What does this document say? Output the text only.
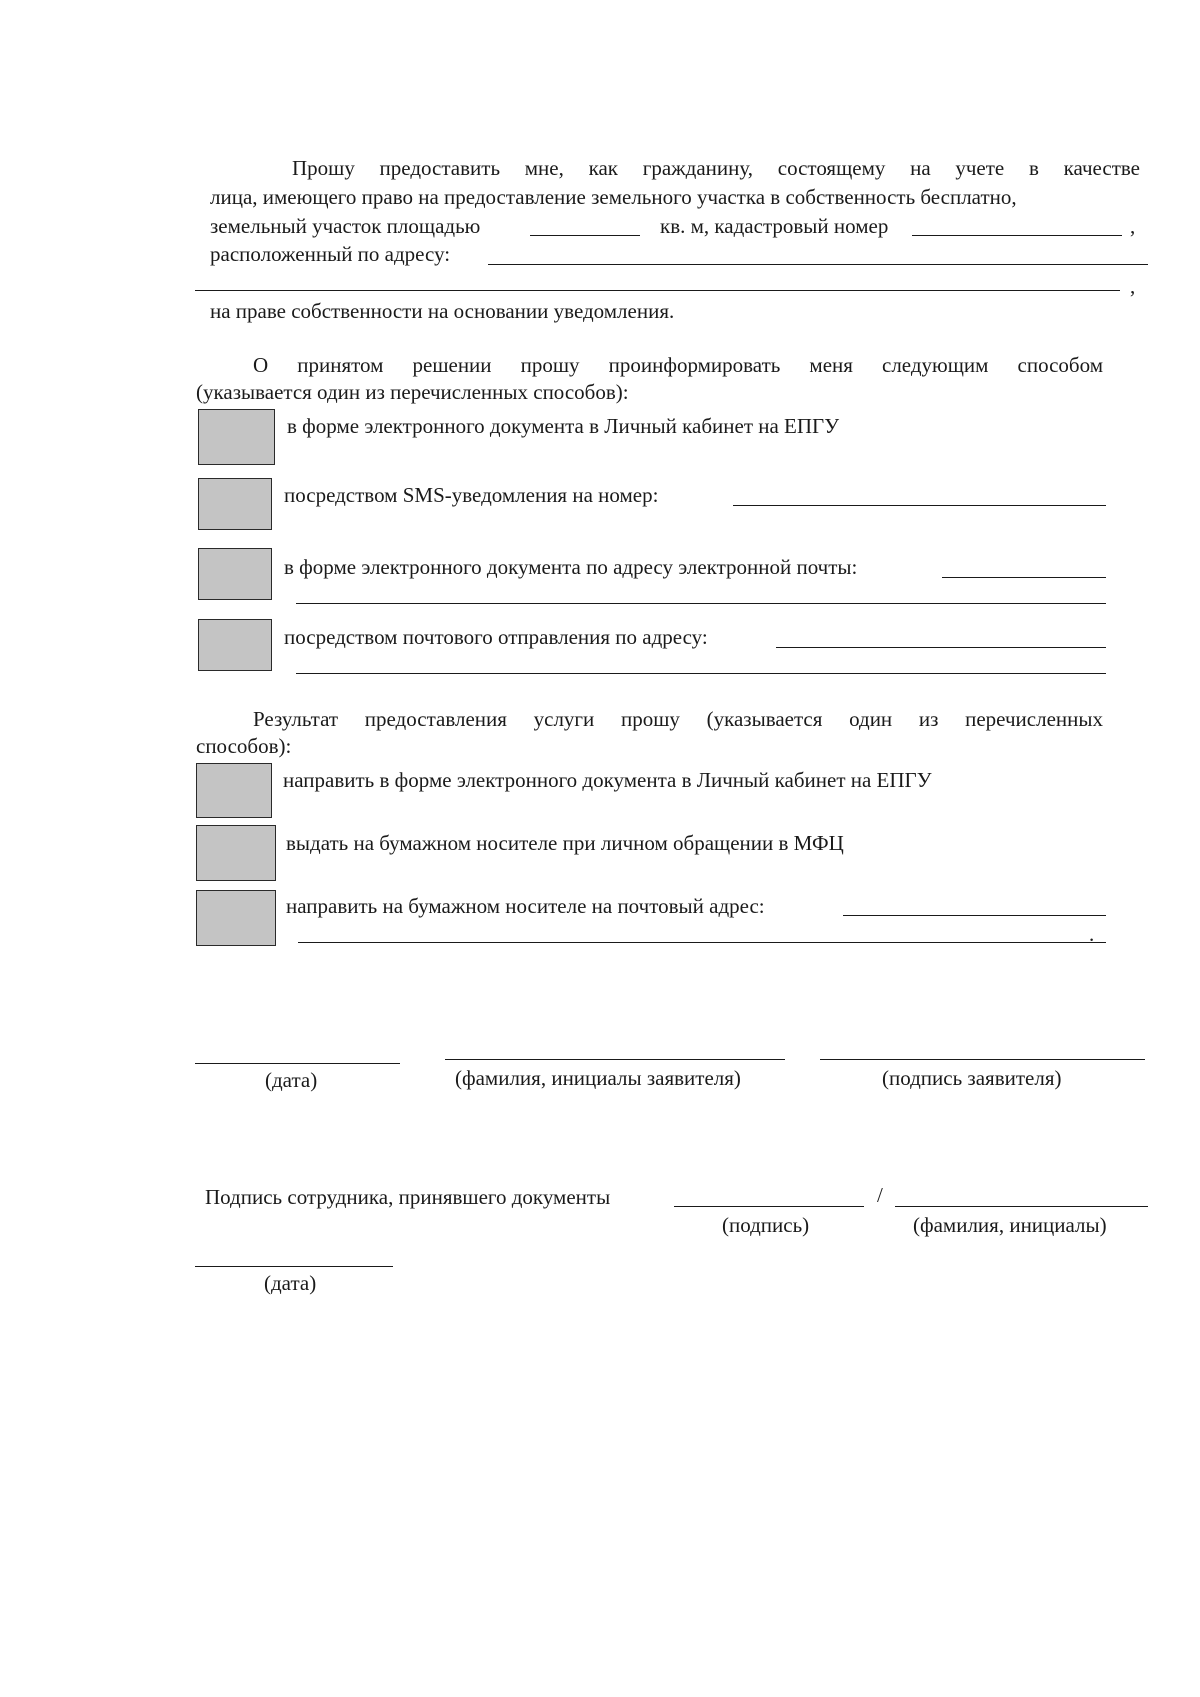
Прошу предоставить мне, как гражданину, состоящему на учете в качестве
лица, имеющего право на предоставление земельного участка в собственность бесплатно,
земельный участок площадью	кв. м, кадастровый номер	,
расположенный по адресу:
,
на праве собственности на основании уведомления.
О принятом решении прошу проинформировать меня следующим способом
(указывается один из перечисленных способов):
в форме электронного документа в Личный кабинет на ЕПГУ
посредством SMS-уведомления на номер:
в форме электронного документа по адресу электронной почты:
посредством почтового отправления по адресу:
Результат предоставления услуги прошу (указывается один из перечисленных
способов):
направить в форме электронного документа в Личный кабинет на ЕПГУ
выдать на бумажном носителе при личном обращении в МФЦ
направить на бумажном носителе на почтовый адрес:
.
(дата)	(фамилия, инициалы заявителя)	(подпись заявителя)
Подпись сотрудника, принявшего документы	/
(подпись)	(фамилия, инициалы)
(дата)
